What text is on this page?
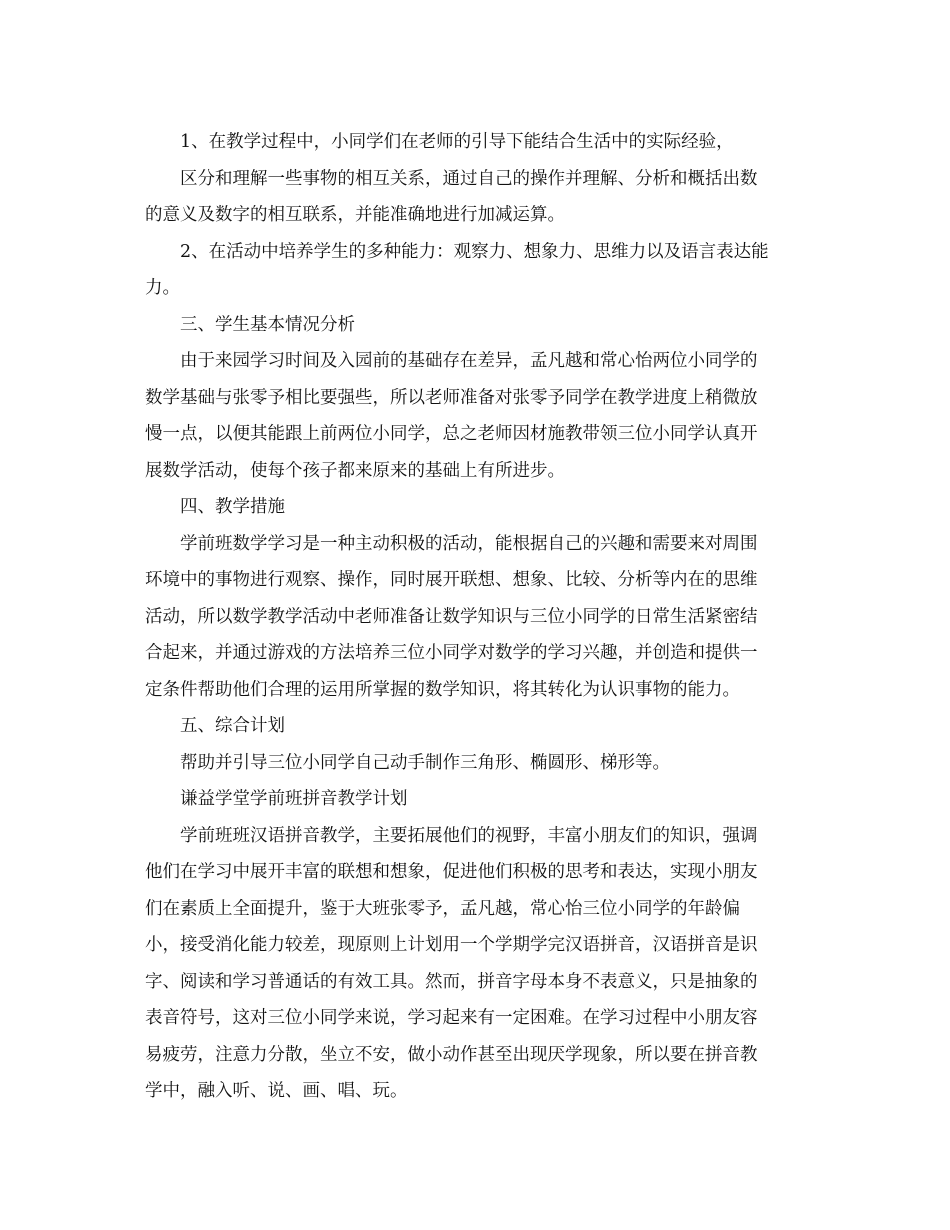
1、在教学过程中，小同学们在老师的引导下能结合生活中的实际经验，

区分和理解一些事物的相互关系，通过自己的操作并理解、分析和概括出数

的意义及数字的相互联系，并能准确地进行加减运算。

2、在活动中培养学生的多种能力：观察力、想象力、思维力以及语言表达能

力。

三、学生基本情况分析

由于来园学习时间及入园前的基础存在差异，孟凡越和常心怡两位小同学的

数学基础与张零予相比要强些，所以老师准备对张零予同学在教学进度上稍微放

慢一点，以便其能跟上前两位小同学，总之老师因材施教带领三位小同学认真开

展数学活动，使每个孩子都来原来的基础上有所进步。

四、教学措施

学前班数学学习是一种主动积极的活动，能根据自己的兴趣和需要来对周围

环境中的事物进行观察、操作，同时展开联想、想象、比较、分析等内在的思维

活动，所以数学教学活动中老师准备让数学知识与三位小同学的日常生活紧密结

合起来，并通过游戏的方法培养三位小同学对数学的学习兴趣，并创造和提供一

定条件帮助他们合理的运用所掌握的数学知识，将其转化为认识事物的能力。

五、综合计划

帮助并引导三位小同学自己动手制作三角形、椭圆形、梯形等。

谦益学堂学前班拼音教学计划

学前班班汉语拼音教学，主要拓展他们的视野，丰富小朋友们的知识，强调

他们在学习中展开丰富的联想和想象，促进他们积极的思考和表达，实现小朋友

们在素质上全面提升，鉴于大班张零予，孟凡越，常心怡三位小同学的年龄偏

小，接受消化能力较差，现原则上计划用一个学期学完汉语拼音，汉语拼音是识

字、阅读和学习普通话的有效工具。然而，拼音字母本身不表意义，只是抽象的

表音符号，这对三位小同学来说，学习起来有一定困难。在学习过程中小朋友容

易疲劳，注意力分散，坐立不安，做小动作甚至出现厌学现象，所以要在拼音教

学中，融入听、说、画、唱、玩。
